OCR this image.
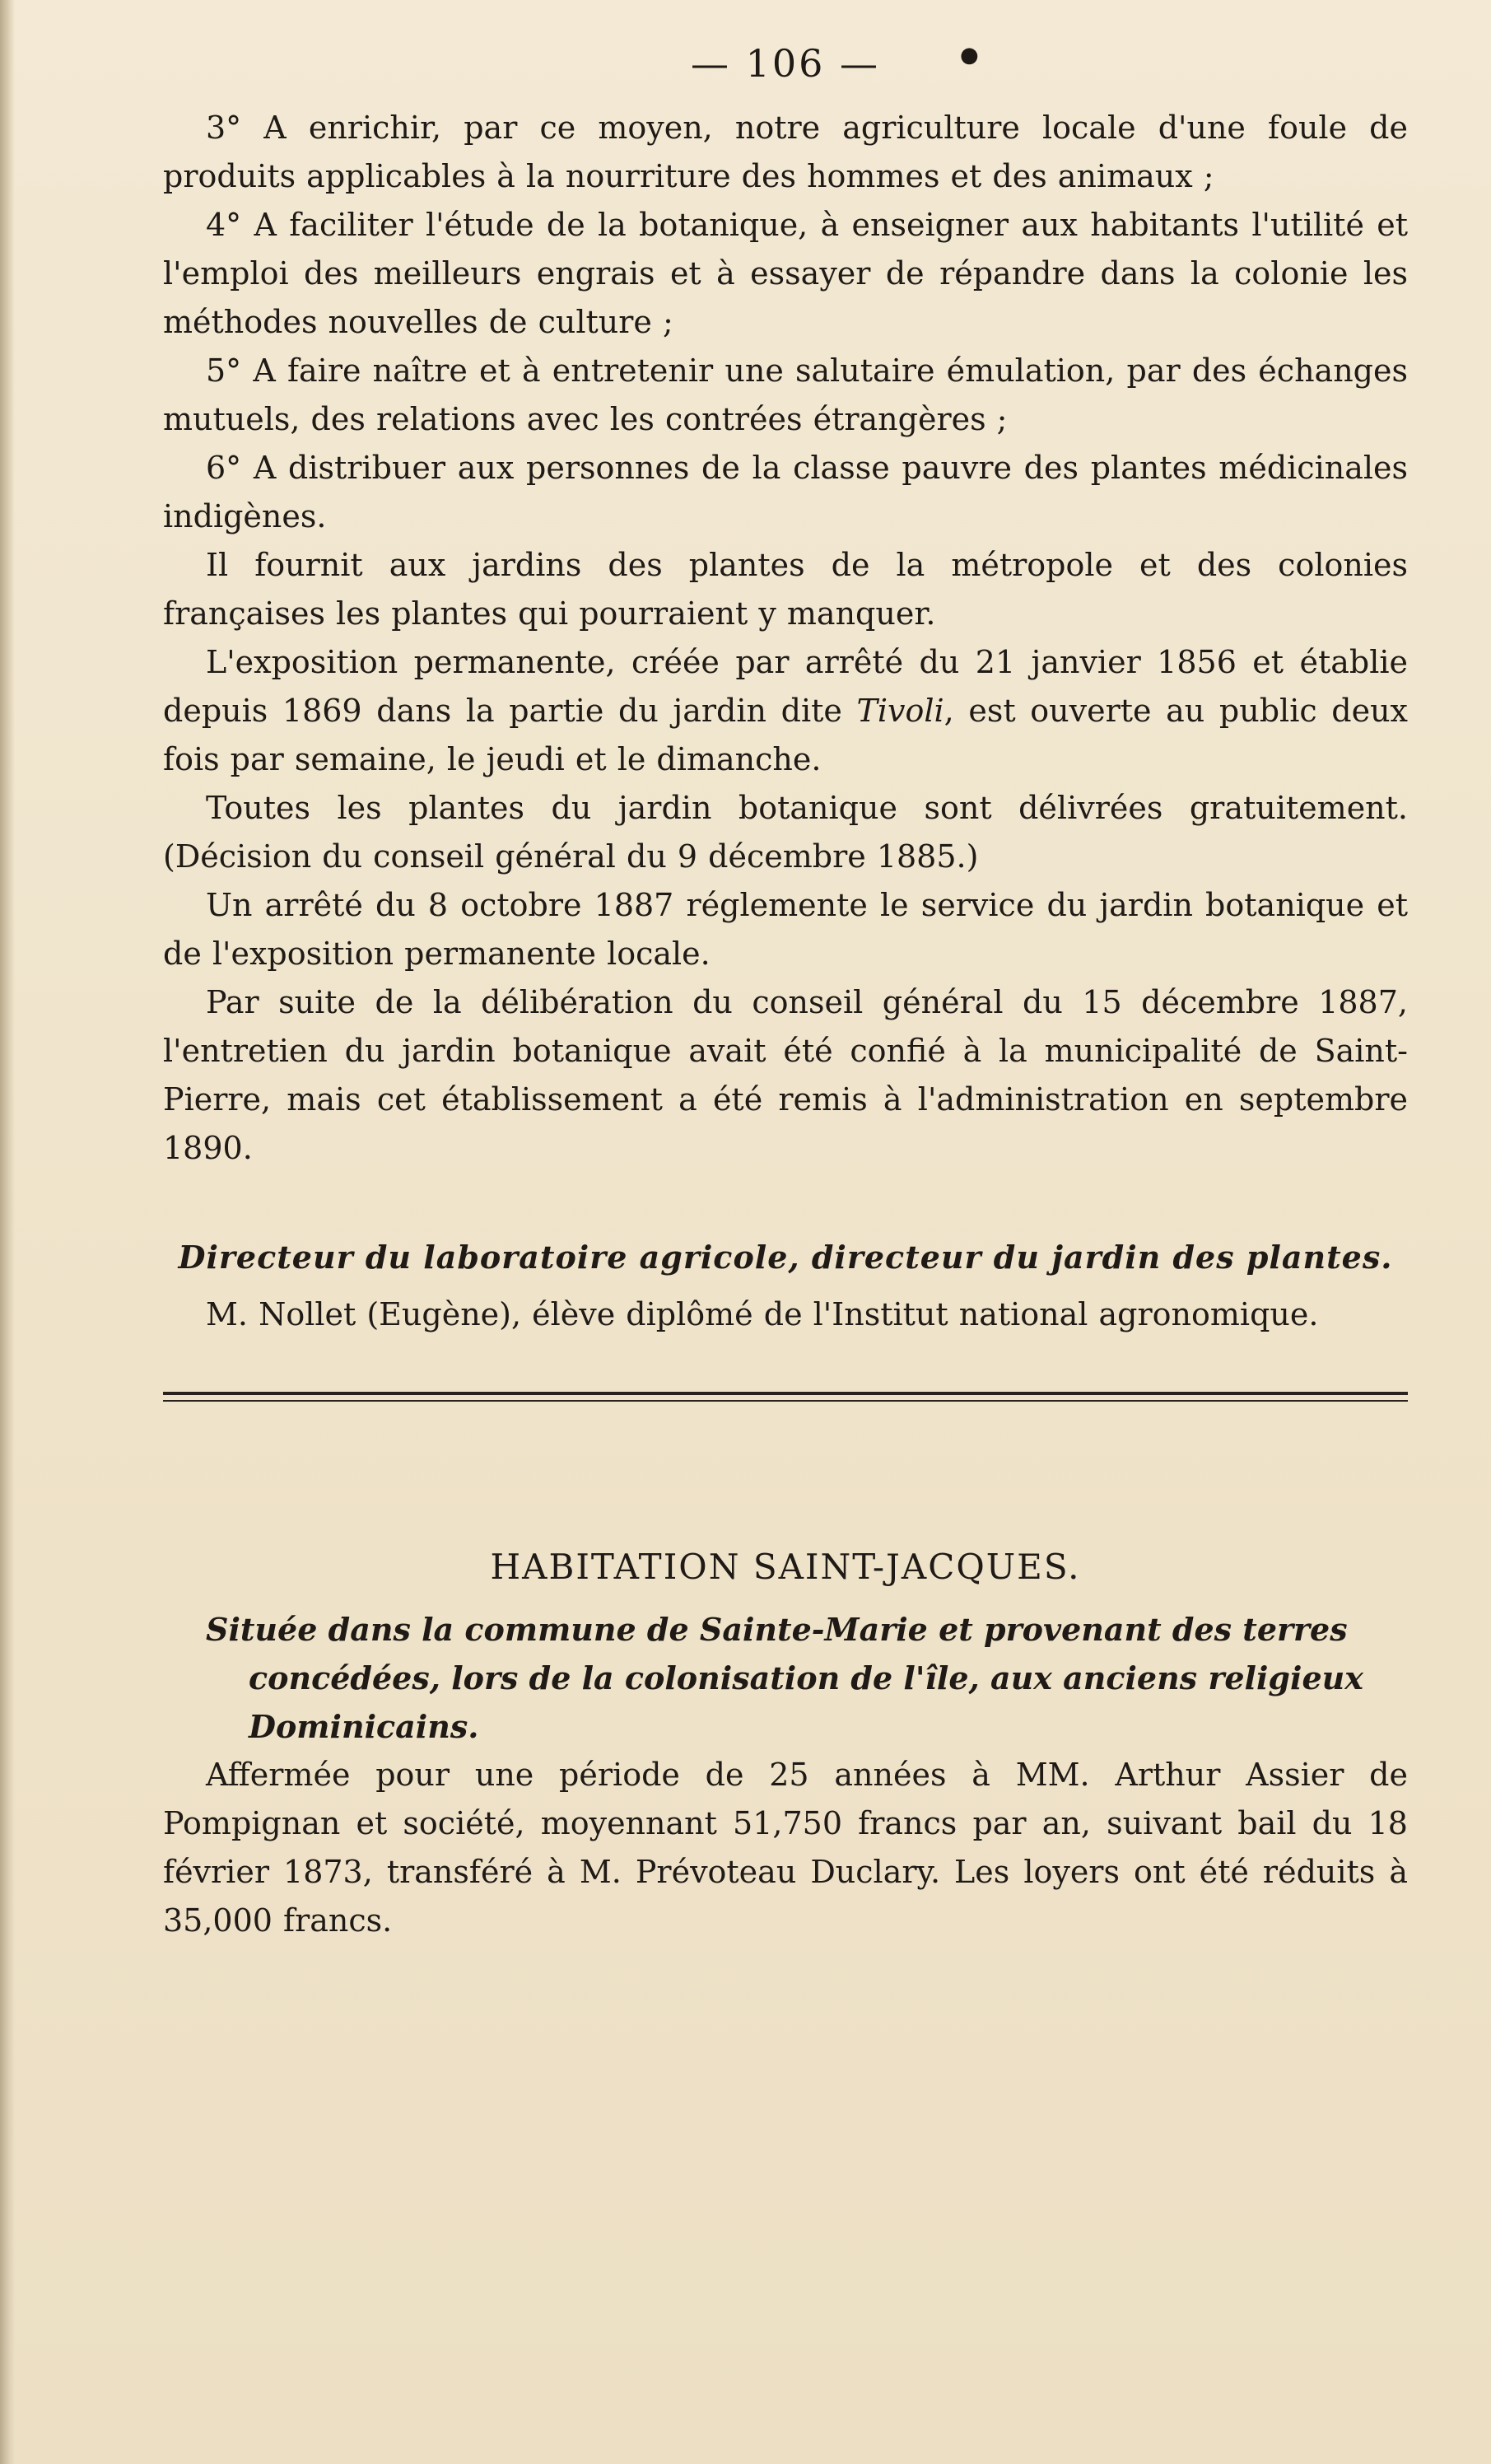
— 106 —	●

3° A enrichir, par ce moyen, notre agriculture locale d'une foule de produits applicables à la nourriture des hommes et des animaux ;

4° A faciliter l'étude de la botanique, à enseigner aux habitants l'utilité et l'emploi des meilleurs engrais et à essayer de répandre dans la colonie les méthodes nouvelles de culture ;

5° A faire naître et à entretenir une salutaire émulation, par des échanges mutuels, des relations avec les contrées étrangères ;

6° A distribuer aux personnes de la classe pauvre des plantes médicinales indigènes.

Il fournit aux jardins des plantes de la métropole et des colonies françaises les plantes qui pourraient y manquer.

L'exposition permanente, créée par arrêté du 21 janvier 1856 et établie depuis 1869 dans la partie du jardin dite Tivoli, est ouverte au public deux fois par semaine, le jeudi et le dimanche.

Toutes les plantes du jardin botanique sont délivrées gratuitement. (Décision du conseil général du 9 décembre 1885.)

Un arrêté du 8 octobre 1887 réglemente le service du jardin botanique et de l'exposition permanente locale.

Par suite de la délibération du conseil général du 15 décembre 1887, l'entretien du jardin botanique avait été confié à la municipalité de Saint-Pierre, mais cet établissement a été remis à l'administration en septembre 1890.

Directeur du laboratoire agricole, directeur du jardin des plantes.

M. Nollet (Eugène), élève diplômé de l'Institut national agronomique.

HABITATION SAINT-JACQUES.

Située dans la commune de Sainte-Marie et provenant des terres concédées, lors de la colonisation de l'île, aux anciens religieux Dominicains.

Affermée pour une période de 25 années à MM. Arthur Assier de Pompignan et société, moyennant 51,750 francs par an, suivant bail du 18 février 1873, transféré à M. Prévoteau Duclary. Les loyers ont été réduits à 35,000 francs.
